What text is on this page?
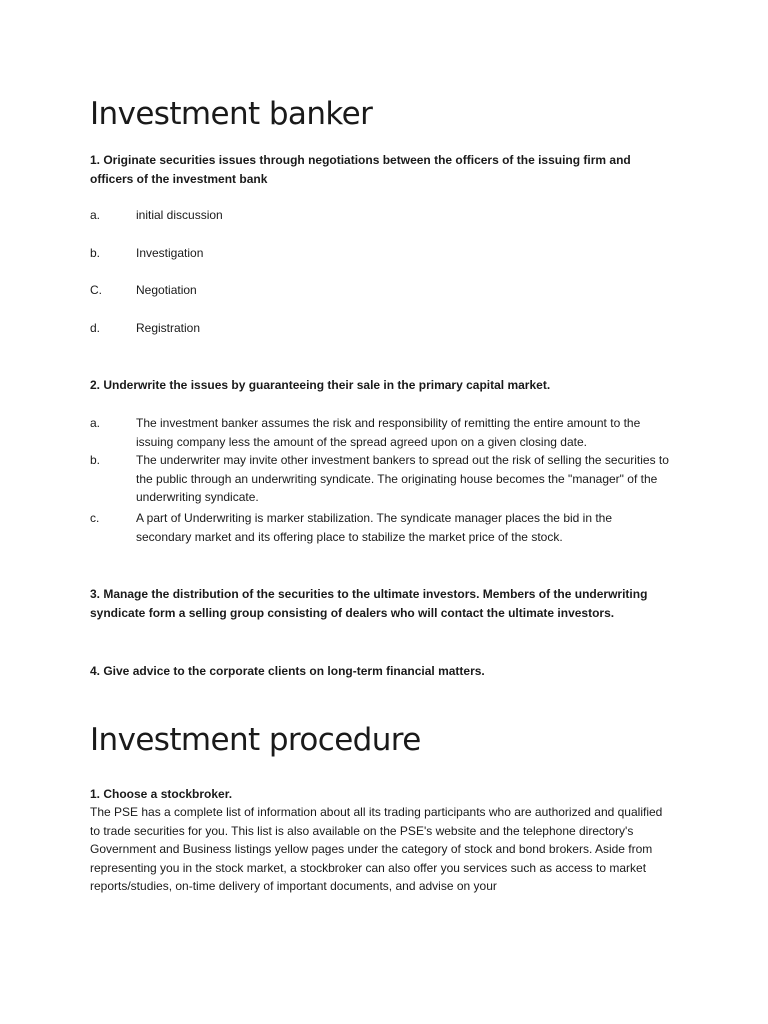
Investment banker

1. Originate securities issues through negotiations between the officers of the issuing firm and officers of the investment bank

a.	initial discussion
b.	Investigation
C.	Negotiation
d.	Registration

2. Underwrite the issues by guaranteeing their sale in the primary capital market.

a.	The investment banker assumes the risk and responsibility of remitting the entire amount to the issuing company less the amount of the spread agreed upon on a given closing date.
b.	The underwriter may invite other investment bankers to spread out the risk of selling the securities to the public through an underwriting syndicate. The originating house becomes the "manager" of the underwriting syndicate.
c.	A part of Underwriting is marker stabilization. The syndicate manager places the bid in the secondary market and its offering place to stabilize the market price of the stock.

3. Manage the distribution of the securities to the ultimate investors. Members of the underwriting syndicate form a selling group consisting of dealers who will contact the ultimate investors.

4. Give advice to the corporate clients on long-term financial matters.

Investment procedure

1. Choose a stockbroker.

The PSE has a complete list of information about all its trading participants who are authorized and qualified to trade securities for you. This list is also available on the PSE's website and the telephone directory's Government and Business listings yellow pages under the category of stock and bond brokers. Aside from representing you in the stock market, a stockbroker can also offer you services such as access to market reports/studies, on-time delivery of important documents, and advise on your
